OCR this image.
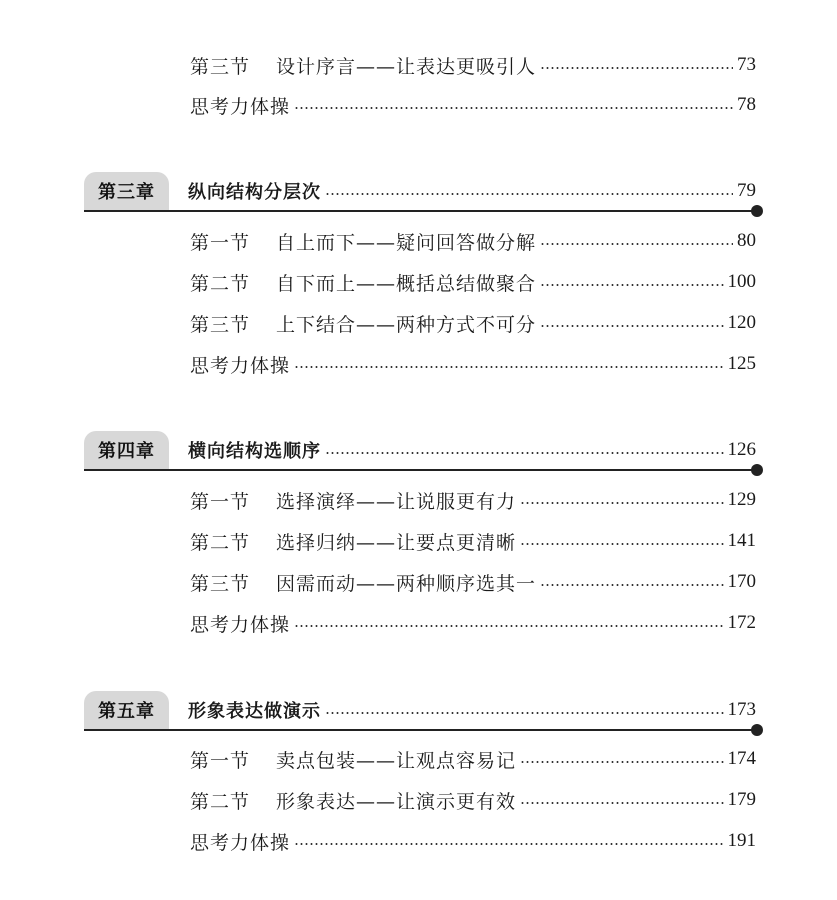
第三节 设计序言——让表达更吸引人	73
思考力体操	78
第三章	纵向结构分层次	79
第一节 自上而下——疑问回答做分解	80
第二节 自下而上——概括总结做聚合	100
第三节 上下结合——两种方式不可分	120
思考力体操	125
第四章	横向结构选顺序	126
第一节 选择演绎——让说服更有力	129
第二节 选择归纳——让要点更清晰	141
第三节 因需而动——两种顺序选其一	170
思考力体操	172
第五章	形象表达做演示	173
第一节 卖点包装——让观点容易记	174
第二节 形象表达——让演示更有效	179
思考力体操	191
